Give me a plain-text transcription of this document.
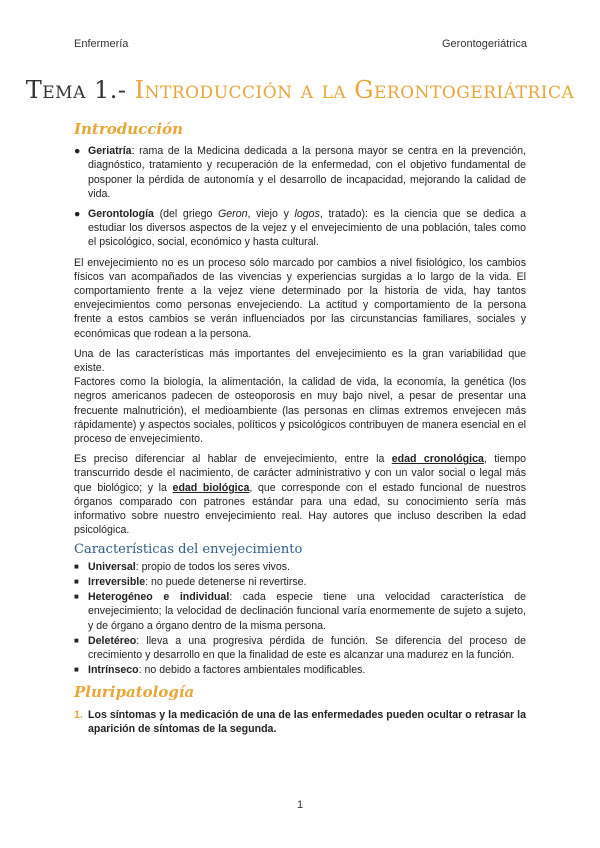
Enfermería	Gerontogeriátrica
Tema 1.- Introducción a la Gerontogeriátrica
Introducción
● Geriatría: rama de la Medicina dedicada a la persona mayor se centra en la prevención, diagnóstico, tratamiento y recuperación de la enfermedad, con el objetivo fundamental de posponer la pérdida de autonomía y el desarrollo de incapacidad, mejorando la calidad de vida.
● Gerontología (del griego Geron, viejo y logos, tratado): es la ciencia que se dedica a estudiar los diversos aspectos de la vejez y el envejecimiento de una población, tales como el psicológico, social, económico y hasta cultural.

El envejecimiento no es un proceso sólo marcado por cambios a nivel fisiológico, los cambios físicos van acompañados de las vivencias y experiencias surgidas a lo largo de la vida. El comportamiento frente a la vejez viene determinado por la historia de vida, hay tantos envejecimientos como personas envejeciendo. La actitud y comportamiento de la persona frente a estos cambios se verán influenciados por las circunstancias familiares, sociales y económicas que rodean a la persona.

Una de las características más importantes del envejecimiento es la gran variabilidad que existe.

Factores como la biología, la alimentación, la calidad de vida, la economía, la genética (los negros americanos padecen de osteoporosis en muy bajo nivel, a pesar de presentar una frecuente malnutrición), el medioambiente (las personas en climas extremos envejecen más rápidamente) y aspectos sociales, políticos y psicológicos contribuyen de manera esencial en el proceso de envejecimiento.

Es preciso diferenciar al hablar de envejecimiento, entre la edad cronológica, tiempo transcurrido desde el nacimiento, de carácter administrativo y con un valor social o legal más que biológico; y la edad biológica, que corresponde con el estado funcional de nuestros órganos comparado con patrones estándar para una edad, su conocimiento sería más informativo sobre nuestro envejecimiento real. Hay autores que incluso describen la edad psicológica.

Características del envejecimiento
■ Universal: propio de todos los seres vivos.
■ Irreversible: no puede detenerse ni revertirse.
■ Heterogéneo e individual: cada especie tiene una velocidad característica de envejecimiento; la velocidad de declinación funcional varía enormemente de sujeto a sujeto, y de órgano a órgano dentro de la misma persona.
■ Deletéreo: lleva a una progresiva pérdida de función. Se diferencia del proceso de crecimiento y desarrollo en que la finalidad de este es alcanzar una madurez en la función.
■ Intrínseco: no debido a factores ambientales modificables.
Pluripatología
1. Los síntomas y la medicación de una de las enfermedades pueden ocultar o retrasar la aparición de síntomas de la segunda.
1
